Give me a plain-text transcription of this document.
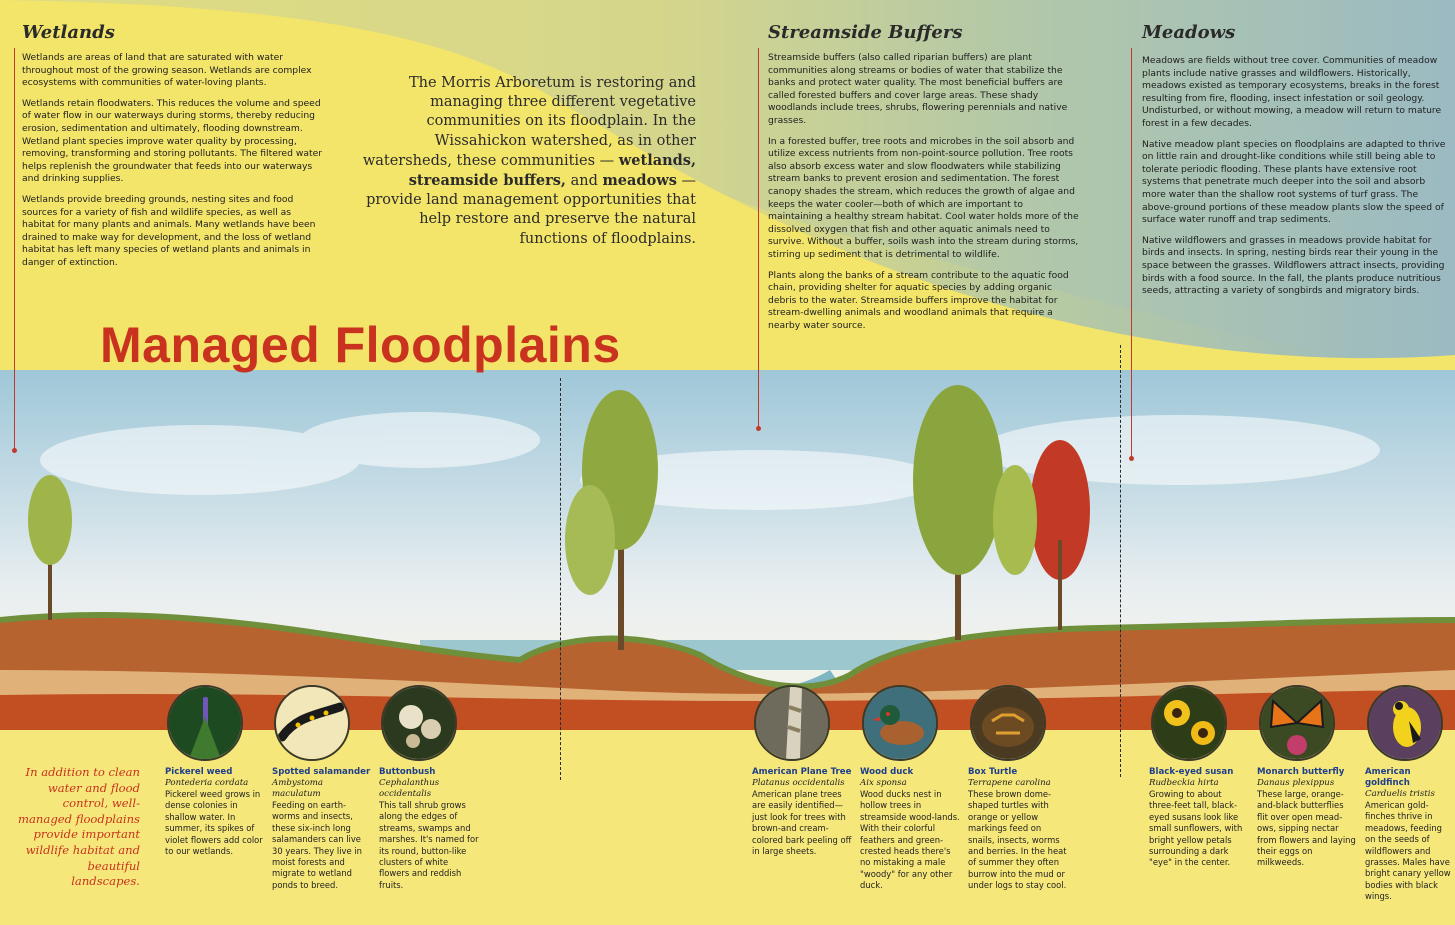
Wetlands

Wetlands are areas of land that are saturated with water throughout most of the growing season. Wetlands are complex ecosystems with communities of water-loving plants.

Wetlands retain floodwaters. This reduces the volume and speed of water flow in our waterways during storms, thereby reducing erosion, sedimentation and ultimately, flooding downstream. Wetland plant species improve water quality by processing, removing, transforming and storing pollutants. The filtered water helps replenish the groundwater that feeds into our waterways and drinking supplies.

Wetlands provide breeding grounds, nesting sites and food sources for a variety of fish and wildlife species, as well as habitat for many plants and animals. Many wetlands have been drained to make way for development, and the loss of wetland habitat has left many species of wetland plants and animals in danger of extinction.

The Morris Arboretum is restoring and managing three different vegetative communities on its floodplain. In the Wissahickon watershed, as in other watersheds, these communities — wetlands, streamside buffers, and meadows — provide land management opportunities that help restore and preserve the natural functions of floodplains.
Managed Floodplains
Streamside Buffers

Streamside buffers (also called riparian buffers) are plant communities along streams or bodies of water that stabilize the banks and protect water quality. The most beneficial buffers are called forested buffers and cover large areas. These shady woodlands include trees, shrubs, flowering perennials and native grasses.

In a forested buffer, tree roots and microbes in the soil absorb and utilize excess nutrients from non-point-source pollution. Tree roots also absorb excess water and slow floodwaters while stabilizing stream banks to prevent erosion and sedimentation. The forest canopy shades the stream, which reduces the growth of algae and keeps the water cooler—both of which are important to maintaining a healthy stream habitat. Cool water holds more of the dissolved oxygen that fish and other aquatic animals need to survive. Without a buffer, soils wash into the stream during storms, stirring up sediment that is detrimental to wildlife.

Plants along the banks of a stream contribute to the aquatic food chain, providing shelter for aquatic species by adding organic debris to the water. Streamside buffers improve the habitat for stream-dwelling animals and woodland animals that require a nearby water source.

Meadows

Meadows are fields without tree cover. Communities of meadow plants include native grasses and wildflowers. Historically, meadows existed as temporary ecosystems, breaks in the forest resulting from fire, flooding, insect infestation or soil geology. Undisturbed, or without mowing, a meadow will return to mature forest in a few decades.

Native meadow plant species on floodplains are adapted to thrive on little rain and drought-like conditions while still being able to tolerate periodic flooding. These plants have extensive root systems that penetrate much deeper into the soil and absorb more water than the shallow root systems of turf grass. The above-ground portions of these meadow plants slow the speed of surface water runoff and trap sediments.

Native wildflowers and grasses in meadows provide habitat for birds and insects. In spring, nesting birds rear their young in the space between the grasses. Wildflowers attract insects, providing birds with a food source. In the fall, the plants produce nutritious seeds, attracting a variety of songbirds and migratory birds.

In addition to clean water and flood control, well-managed floodplains provide important wildlife habitat and beautiful landscapes.
Pickerel weed
Pontederia cordata
Pickerel weed grows in dense colonies in shallow water. In summer, its spikes of violet flowers add color to our wetlands.
Spotted salamander
Ambystoma maculatum
Feeding on earth-worms and insects, these six-inch long salamanders can live 30 years. They live in moist forests and migrate to wetland ponds to breed.
Buttonbush
Cephalanthus occidentalis
This tall shrub grows along the edges of streams, swamps and marshes. It's named for its round, button-like clusters of white flowers and reddish fruits.
American Plane Tree
Platanus occidentalis
American plane trees are easily identified—just look for trees with brown-and cream-colored bark peeling off in large sheets.
Wood duck
Aix sponsa
Wood ducks nest in hollow trees in streamside wood-lands. With their colorful feathers and green-crested heads there's no mistaking a male "woody" for any other duck.
Box Turtle
Terrapene carolina
These brown dome-shaped turtles with orange or yellow markings feed on snails, insects, worms and berries. In the heat of summer they often burrow into the mud or under logs to stay cool.
Black-eyed susan
Rudbeckia hirta
Growing to about three-feet tall, black-eyed susans look like small sunflowers, with bright yellow petals surrounding a dark "eye" in the center.
Monarch butterfly
Danaus plexippus
These large, orange-and-black butterflies flit over open mead-ows, sipping nectar from flowers and laying their eggs on milkweeds.
American goldfinch
Carduelis tristis
American gold-finches thrive in meadows, feeding on the seeds of wildflowers and grasses. Males have bright canary yellow bodies with black wings.
